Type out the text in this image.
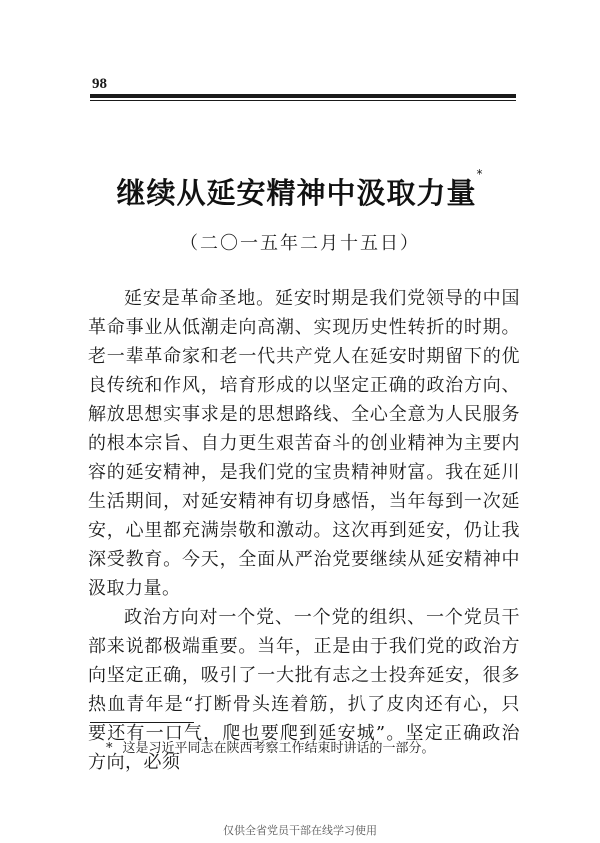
98
继续从延安精神中汲取力量*
（二〇一五年二月十五日）

延安是革命圣地。延安时期是我们党领导的中国革命事业从低潮走向高潮、实现历史性转折的时期。老一辈革命家和老一代共产党人在延安时期留下的优良传统和作风，培育形成的以坚定正确的政治方向、解放思想实事求是的思想路线、全心全意为人民服务的根本宗旨、自力更生艰苦奋斗的创业精神为主要内容的延安精神，是我们党的宝贵精神财富。我在延川生活期间，对延安精神有切身感悟，当年每到一次延安，心里都充满崇敬和激动。这次再到延安，仍让我深受教育。今天，全面从严治党要继续从延安精神中汲取力量。

政治方向对一个党、一个党的组织、一个党员干部来说都极端重要。当年，正是由于我们党的政治方向坚定正确，吸引了一大批有志之士投奔延安，很多热血青年是“打断骨头连着筋，扒了皮肉还有心，只要还有一口气，爬也要爬到延安城”。坚定正确政治方向，必须

* 这是习近平同志在陕西考察工作结束时讲话的一部分。
仅供全省党员干部在线学习使用
